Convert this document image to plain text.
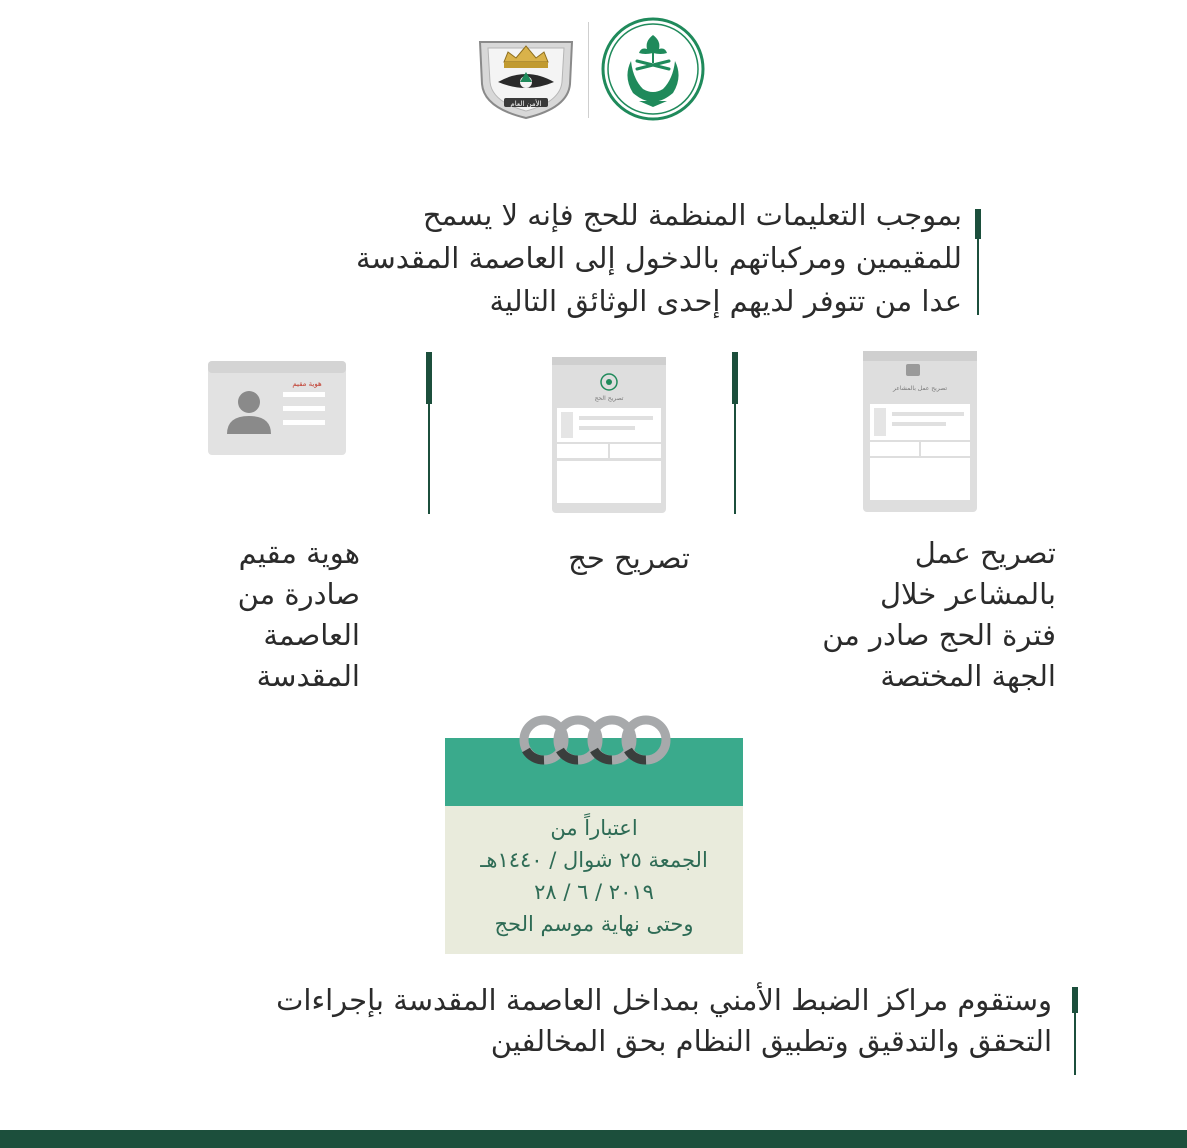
الأمن العام
بموجب التعليمات المنظمة للحج فإنه لا يسمح
للمقيمين ومركباتهم بالدخول إلى العاصمة المقدسة
عدا من تتوفر لديهم إحدى الوثائق التالية
تصريح عمل بالمشاعر
تصريح الحج
هوية مقيم
تصريح عمل
بالمشاعر خلال
فترة الحج صادر من
الجهة المختصة
تصريح حج
هوية مقيم
صادرة من
العاصمة
المقدسة
اعتباراً من
الجمعة ٢٥ شوال / ١٤٤٠هـ
٢٠١٩ / ٦ / ٢٨
وحتى نهاية موسم الحج
وستقوم مراكز الضبط الأمني بمداخل العاصمة المقدسة بإجراءات
التحقق والتدقيق وتطبيق النظام بحق المخالفين
